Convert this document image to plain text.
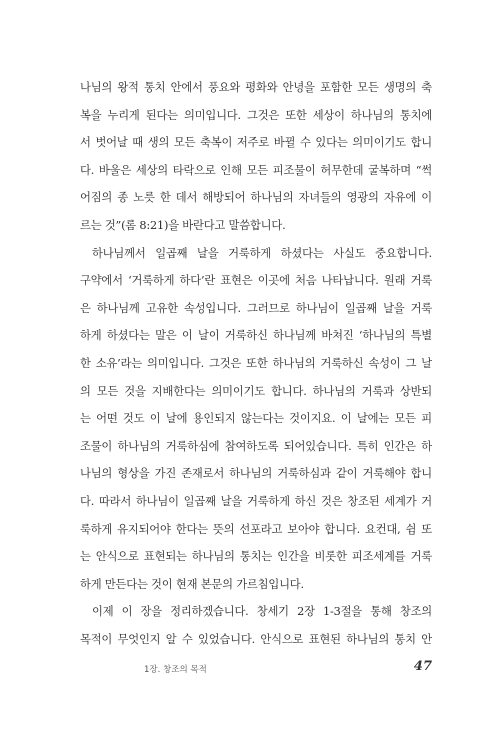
나님의 왕적 통치 안에서 풍요와 평화와 안녕을 포함한 모든 생명의 축
복을 누리게 된다는 의미입니다. 그것은 또한 세상이 하나님의 통치에
서 벗어날 때 생의 모든 축복이 저주로 바뀔 수 있다는 의미이기도 합니
다. 바울은 세상의 타락으로 인해 모든 피조물이 허무한데 굴복하며 “썩
어짐의 종 노릇 한 데서 해방되어 하나님의 자녀들의 영광의 자유에 이
르는 것”(롬 8:21)을 바란다고 말씀합니다.
하나님께서 일곱째 날을 거룩하게 하셨다는 사실도 중요합니다.
구약에서 ‘거룩하게 하다’란 표현은 이곳에 처음 나타납니다. 원래 거룩
은 하나님께 고유한 속성입니다. 그러므로 하나님이 일곱째 날을 거룩
하게 하셨다는 말은 이 날이 거룩하신 하나님께 바쳐진 ‘하나님의 특별
한 소유’라는 의미입니다. 그것은 또한 하나님의 거룩하신 속성이 그 날
의 모든 것을 지배한다는 의미이기도 합니다. 하나님의 거룩과 상반되
는 어떤 것도 이 날에 용인되지 않는다는 것이지요. 이 날에는 모든 피
조물이 하나님의 거룩하심에 참여하도록 되어있습니다. 특히 인간은 하
나님의 형상을 가진 존재로서 하나님의 거룩하심과 같이 거룩해야 합니
다. 따라서 하나님이 일곱째 날을 거룩하게 하신 것은 창조된 세계가 거
룩하게 유지되어야 한다는 뜻의 선포라고 보아야 합니다. 요컨대, 쉼 또
는 안식으로 표현되는 하나님의 통치는 인간을 비롯한 피조세계를 거룩
하게 만든다는 것이 현재 본문의 가르침입니다.
이제 이 장을 정리하겠습니다. 창세기 2장 1-3절을 통해 창조의
목적이 무엇인지 알 수 있었습니다. 안식으로 표현된 하나님의 통치 안
1장. 창조의 목적	47
